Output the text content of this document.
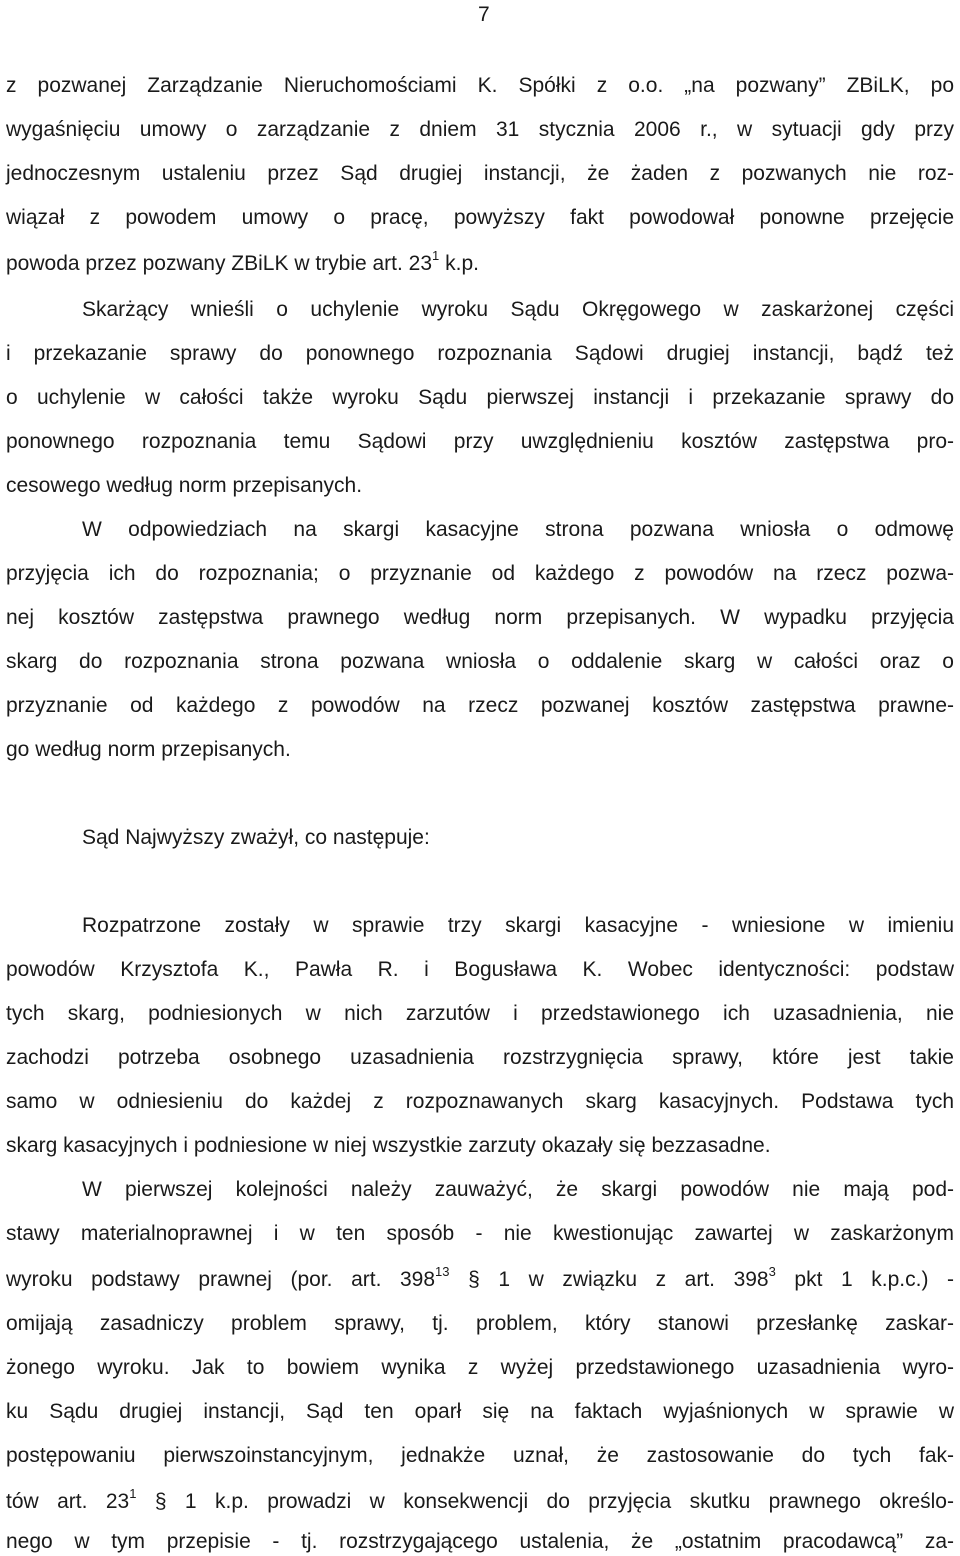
7
z pozwanej Zarządzanie Nieruchomościami K. Spółki z o.o. „na pozwany” ZBiLK, po
wygaśnięciu umowy o zarządzanie z dniem 31 stycznia 2006 r., w sytuacji gdy przy
jednoczesnym ustaleniu przez Sąd drugiej instancji, że żaden z pozwanych nie roz-
wiązał z powodem umowy o pracę, powyższy fakt powodował ponowne przejęcie
powoda przez pozwany ZBiLK w trybie art. $23^1$ k.p.
Skarżący wnieśli o uchylenie wyroku Sądu Okręgowego w zaskarżonej części
i przekazanie sprawy do ponownego rozpoznania Sądowi drugiej instancji, bądź też
o uchylenie w całości także wyroku Sądu pierwszej instancji i przekazanie sprawy do
ponownego rozpoznania temu Sądowi przy uwzględnieniu kosztów zastępstwa pro-
cesowego według norm przepisanych.
W odpowiedziach na skargi kasacyjne strona pozwana wniosła o odmowę
przyjęcia ich do rozpoznania; o przyznanie od każdego z powodów na rzecz pozwa-
nej kosztów zastępstwa prawnego według norm przepisanych. W wypadku przyjęcia
skarg do rozpoznania strona pozwana wniosła o oddalenie skarg w całości oraz o
przyznanie od każdego z powodów na rzecz pozwanej kosztów zastępstwa prawne-
go według norm przepisanych.
Sąd Najwyższy zważył, co następuje:
Rozpatrzone zostały w sprawie trzy skargi kasacyjne - wniesione w imieniu
powodów Krzysztofa K., Pawła R. i Bogusława K. Wobec identyczności: podstaw
tych skarg, podniesionych w nich zarzutów i przedstawionego ich uzasadnienia, nie
zachodzi potrzeba osobnego uzasadnienia rozstrzygnięcia sprawy, które jest takie
samo w odniesieniu do każdej z rozpoznawanych skarg kasacyjnych. Podstawa tych
skarg kasacyjnych i podniesione w niej wszystkie zarzuty okazały się bezzasadne.
W pierwszej kolejności należy zauważyć, że skargi powodów nie mają pod-
stawy materialnoprawnej i w ten sposób - nie kwestionując zawartej w zaskarżonym
wyroku podstawy prawnej (por. art. $398^{13}$ § 1 w związku z art. $398^3$ pkt 1 k.p.c.) -
omijają zasadniczy problem sprawy, tj. problem, który stanowi przesłankę zaskar-
żonego wyroku. Jak to bowiem wynika z wyżej przedstawionego uzasadnienia wyro-
ku Sądu drugiej instancji, Sąd ten oparł się na faktach wyjaśnionych w sprawie w
postępowaniu pierwszoinstancyjnym, jednakże uznał, że zastosowanie do tych fak-
tów art. $23^1$ § 1 k.p. prowadzi w konsekwencji do przyjęcia skutku prawnego określo-
nego w tym przepisie - tj. rozstrzygającego ustalenia, że „ostatnim pracodawcą” za-
